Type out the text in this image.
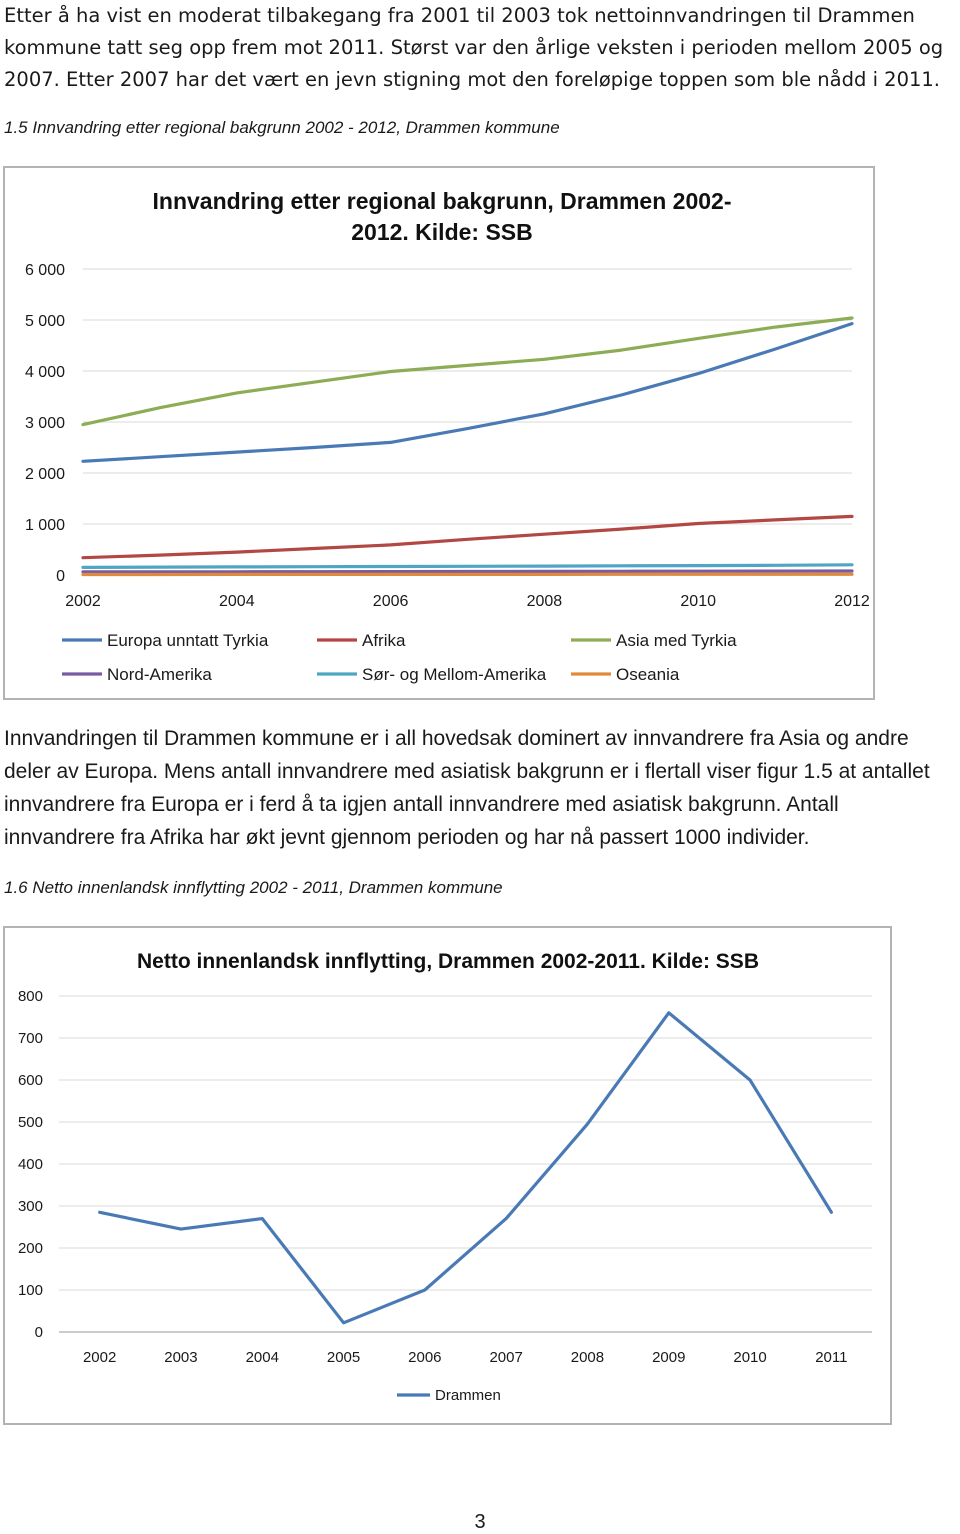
Etter å ha vist en moderat tilbakegang fra 2001 til 2003 tok nettoinnvandringen til Drammen kommune tatt seg opp frem mot 2011. Størst var den årlige veksten i perioden mellom 2005 og 2007. Etter 2007 har det vært en jevn stigning mot den foreløpige toppen som ble nådd i 2011.

1.5 Innvandring etter regional bakgrunn 2002 - 2012, Drammen kommune

Innvandring etter regional bakgrunn, Drammen 2002-
2012. Kilde: SSB
0
1 000
2 000
3 000
4 000
5 000
6 000
2002	2004	2006	2008	2010	2012
Europa unntatt Tyrkia	Afrika	Asia med Tyrkia
Nord-Amerika	Sør- og Mellom-Amerika	Oseania

Innvandringen til Drammen kommune er i all hovedsak dominert av innvandrere fra Asia og andre deler av Europa. Mens antall innvandrere med asiatisk bakgrunn er i flertall viser figur 1.5 at antallet innvandrere fra Europa er i ferd å ta igjen antall innvandrere med asiatisk bakgrunn. Antall innvandrere fra Afrika har økt jevnt gjennom perioden og har nå passert 1000 individer.

1.6 Netto innenlandsk innflytting 2002 - 2011, Drammen kommune

Netto innenlandsk innflytting, Drammen 2002-2011. Kilde: SSB
0
100
200
300
400
500
600
700
800
2002	2003	2004	2005	2006	2007	2008	2009	2010	2011
Drammen

3
